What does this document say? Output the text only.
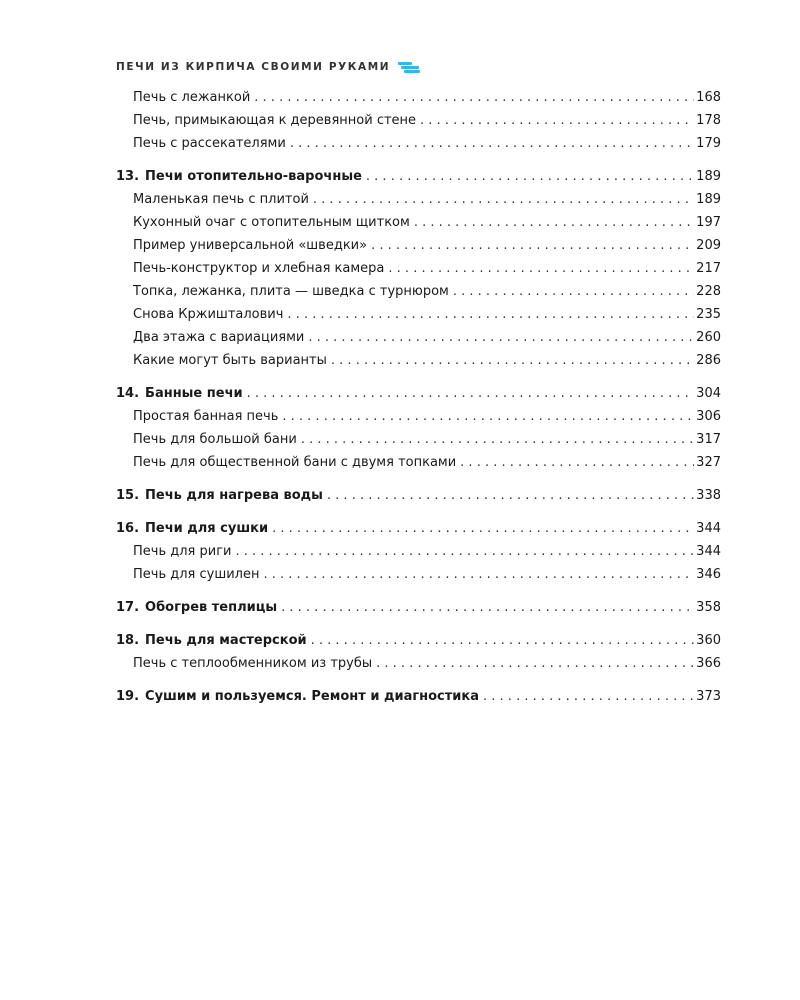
ПЕЧИ ИЗ КИРПИЧА СВОИМИ РУКАМИ
Печь с лежанкой . . .	168
Печь, примыкающая к деревянной стене . . .	178
Печь с рассекателями . . .	179
13. Печи отопительно-варочные . . .	189
Маленькая печь с плитой . . .	189
Кухонный очаг с отопительным щитком . . .	197
Пример универсальной «шведки» . . .	209
Печь-конструктор и хлебная камера . . .	217
Топка, лежанка, плита — шведка с турнюром . . .	228
Снова Кржишталович . . .	235
Два этажа с вариациями . . .	260
Какие могут быть варианты . . .	286
14. Банные печи . . .	304
Простая банная печь . . .	306
Печь для большой бани . . .	317
Печь для общественной бани с двумя топками . . .	327
15. Печь для нагрева воды . . .	338
16. Печи для сушки . . .	344
Печь для риги . . .	344
Печь для сушилен . . .	346
17. Обогрев теплицы . . .	358
18. Печь для мастерской . . .	360
Печь с теплообменником из трубы . . .	366
19. Сушим и пользуемся. Ремонт и диагностика . . .	373
